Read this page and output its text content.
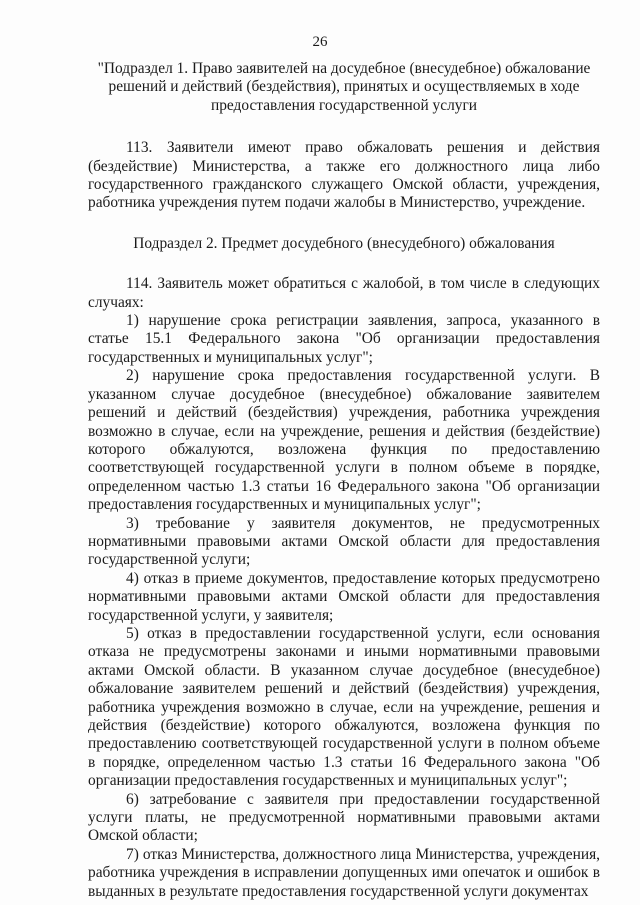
26

"Подраздел 1. Право заявителей на досудебное (внесудебное) обжалование решений и действий (бездействия), принятых и осуществляемых в ходе предоставления государственной услуги

113. Заявители имеют право обжаловать решения и действия (бездействие) Министерства, а также его должностного лица либо государственного гражданского служащего Омской области, учреждения, работника учреждения путем подачи жалобы в Министерство, учреждение.

Подраздел 2. Предмет досудебного (внесудебного) обжалования

114. Заявитель может обратиться с жалобой, в том числе в следующих случаях:

1) нарушение срока регистрации заявления, запроса, указанного в статье 15.1 Федерального закона "Об организации предоставления государственных и муниципальных услуг";

2) нарушение срока предоставления государственной услуги. В указанном случае досудебное (внесудебное) обжалование заявителем решений и действий (бездействия) учреждения, работника учреждения возможно в случае, если на учреждение, решения и действия (бездействие) которого обжалуются, возложена функция по предоставлению соответствующей государственной услуги в полном объеме в порядке, определенном частью 1.3 статьи 16 Федерального закона "Об организации предоставления государственных и муниципальных услуг";

3) требование у заявителя документов, не предусмотренных нормативными правовыми актами Омской области для предоставления государственной услуги;

4) отказ в приеме документов, предоставление которых предусмотрено нормативными правовыми актами Омской области для предоставления государственной услуги, у заявителя;

5) отказ в предоставлении государственной услуги, если основания отказа не предусмотрены законами и иными нормативными правовыми актами Омской области. В указанном случае досудебное (внесудебное) обжалование заявителем решений и действий (бездействия) учреждения, работника учреждения возможно в случае, если на учреждение, решения и действия (бездействие) которого обжалуются, возложена функция по предоставлению соответствующей государственной услуги в полном объеме в порядке, определенном частью 1.3 статьи 16 Федерального закона "Об организации предоставления государственных и муниципальных услуг";

6) затребование с заявителя при предоставлении государственной услуги платы, не предусмотренной нормативными правовыми актами Омской области;

7) отказ Министерства, должностного лица Министерства, учреждения, работника учреждения в исправлении допущенных ими опечаток и ошибок в выданных в результате предоставления государственной услуги документах
